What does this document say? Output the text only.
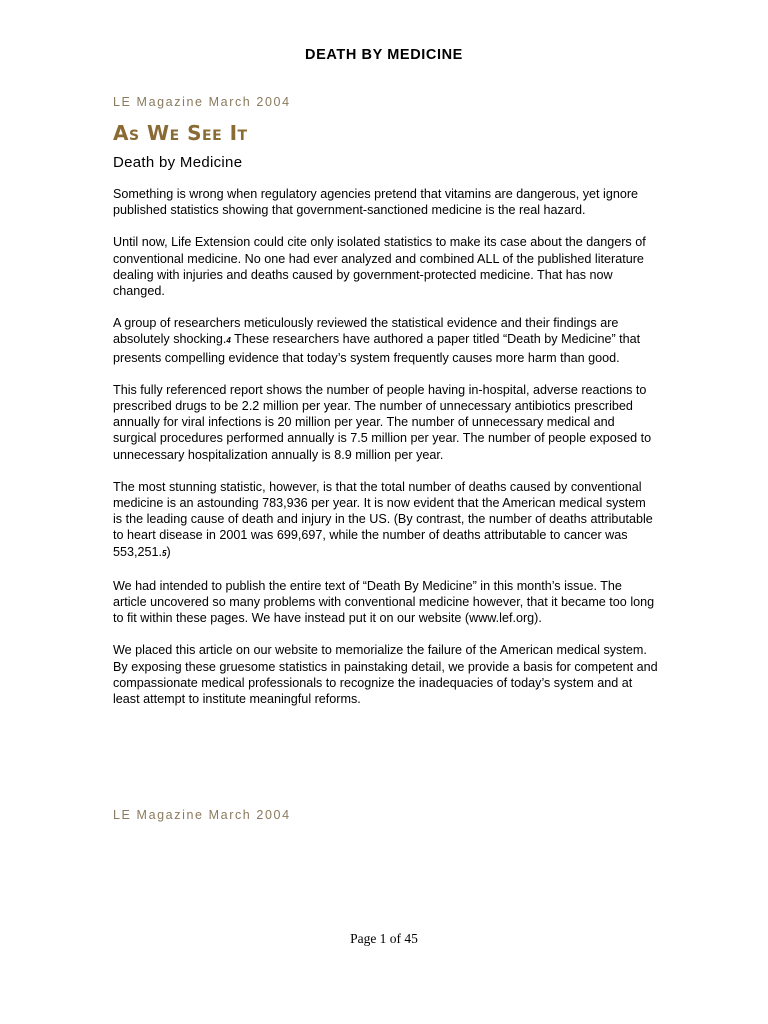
DEATH BY MEDICINE
LE Magazine March 2004
As We See It
Death by Medicine

Something is wrong when regulatory agencies pretend that vitamins are dangerous, yet ignore published statistics showing that government-sanctioned medicine is the real hazard.

Until now, Life Extension could cite only isolated statistics to make its case about the dangers of conventional medicine. No one had ever analyzed and combined ALL of the published literature dealing with injuries and deaths caused by government-protected medicine. That has now changed.

A group of researchers meticulously reviewed the statistical evidence and their findings are absolutely shocking.4 These researchers have authored a paper titled “Death by Medicine” that presents compelling evidence that today’s system frequently causes more harm than good.

This fully referenced report shows the number of people having in-hospital, adverse reactions to prescribed drugs to be 2.2 million per year. The number of unnecessary antibiotics prescribed annually for viral infections is 20 million per year. The number of unnecessary medical and surgical procedures performed annually is 7.5 million per year. The number of people exposed to unnecessary hospitalization annually is 8.9 million per year.

The most stunning statistic, however, is that the total number of deaths caused by conventional medicine is an astounding 783,936 per year. It is now evident that the American medical system is the leading cause of death and injury in the US. (By contrast, the number of deaths attributable to heart disease in 2001 was 699,697, while the number of deaths attributable to cancer was 553,251.5)

We had intended to publish the entire text of “Death By Medicine” in this month’s issue. The article uncovered so many problems with conventional medicine however, that it became too long to fit within these pages. We have instead put it on our website (www.lef.org).

We placed this article on our website to memorialize the failure of the American medical system. By exposing these gruesome statistics in painstaking detail, we provide a basis for competent and compassionate medical professionals to recognize the inadequacies of today’s system and at least attempt to institute meaningful reforms.

LE Magazine March 2004
Page 1 of 45
